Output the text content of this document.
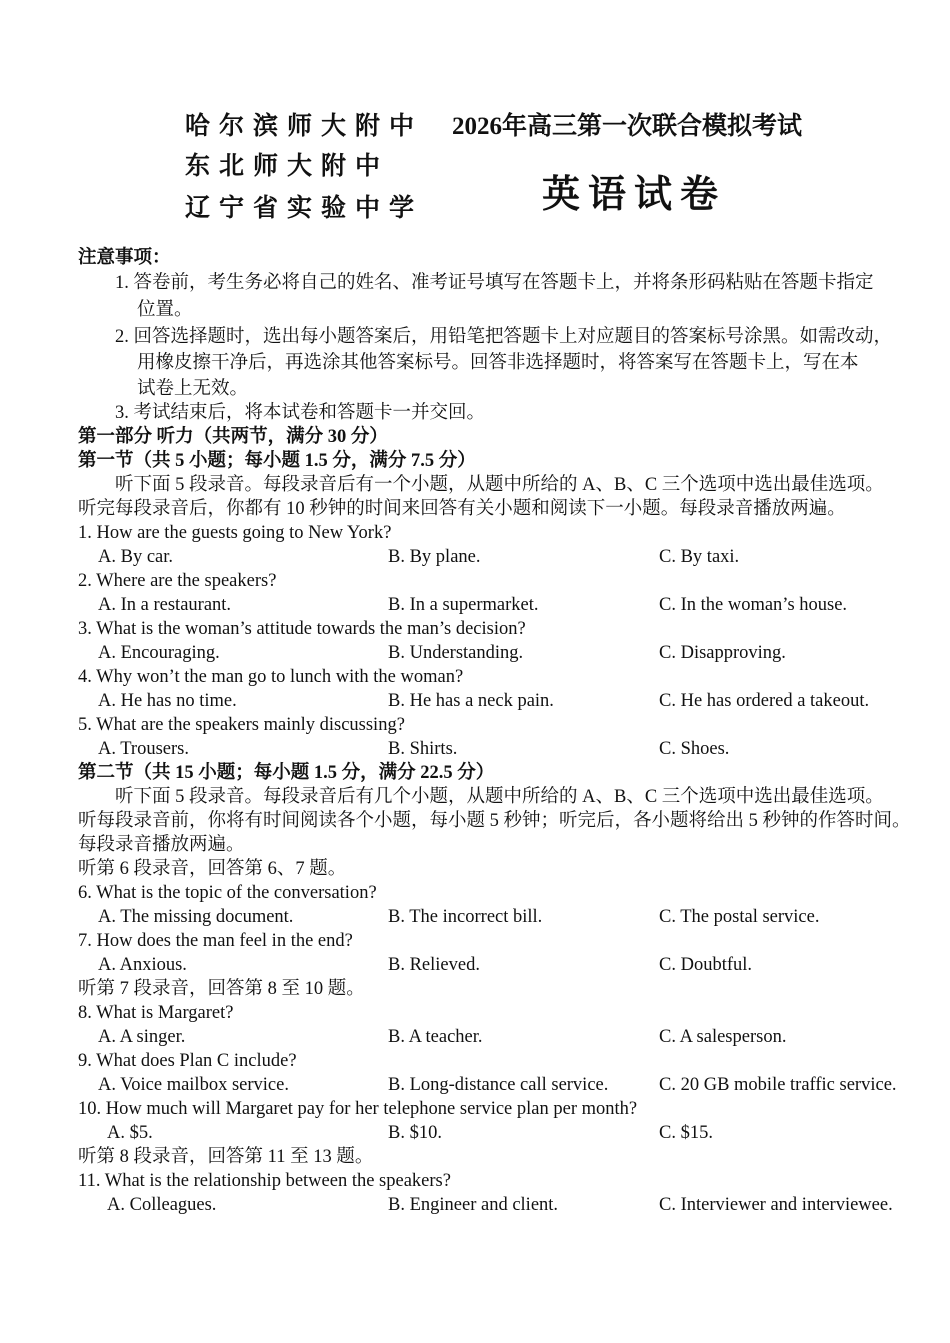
哈尔滨师大附中
东北师大附中
辽宁省实验中学
2026年高三第一次联合模拟考试
英语试卷
注意事项：
1. 答卷前，考生务必将自己的姓名、准考证号填写在答题卡上，并将条形码粘贴在答题卡指定
位置。
2. 回答选择题时，选出每小题答案后，用铅笔把答题卡上对应题目的答案标号涂黑。如需改动，
用橡皮擦干净后，再选涂其他答案标号。回答非选择题时，将答案写在答题卡上，写在本
试卷上无效。
3. 考试结束后，将本试卷和答题卡一并交回。
第一部分 听力（共两节，满分 30 分）
第一节（共 5 小题；每小题 1.5 分，满分 7.5 分）
听下面 5 段录音。每段录音后有一个小题，从题中所给的 A、B、C 三个选项中选出最佳选项。
听完每段录音后，你都有 10 秒钟的时间来回答有关小题和阅读下一小题。每段录音播放两遍。
1. How are the guests going to New York?
A. By car.	B. By plane.	C. By taxi.
2. Where are the speakers?
A. In a restaurant.	B. In a supermarket.	C. In the woman’s house.
3. What is the woman’s attitude towards the man’s decision?
A. Encouraging.	B. Understanding.	C. Disapproving.
4. Why won’t the man go to lunch with the woman?
A. He has no time.	B. He has a neck pain.	C. He has ordered a takeout.
5. What are the speakers mainly discussing?
A. Trousers.	B. Shirts.	C. Shoes.
第二节（共 15 小题；每小题 1.5 分，满分 22.5 分）
听下面 5 段录音。每段录音后有几个小题，从题中所给的 A、B、C 三个选项中选出最佳选项。
听每段录音前，你将有时间阅读各个小题，每小题 5 秒钟；听完后，各小题将给出 5 秒钟的作答时间。
每段录音播放两遍。
听第 6 段录音，回答第 6、7 题。
6. What is the topic of the conversation?
A. The missing document.	B. The incorrect bill.	C. The postal service.
7. How does the man feel in the end?
A. Anxious.	B. Relieved.	C. Doubtful.
听第 7 段录音，回答第 8 至 10 题。
8. What is Margaret?
A. A singer.	B. A teacher.	C. A salesperson.
9. What does Plan C include?
A. Voice mailbox service.	B. Long-distance call service.	C. 20 GB mobile traffic service.
10. How much will Margaret pay for her telephone service plan per month?
A. $5.	B. $10.	C. $15.
听第 8 段录音，回答第 11 至 13 题。
11. What is the relationship between the speakers?
A. Colleagues.	B. Engineer and client.	C. Interviewer and interviewee.
